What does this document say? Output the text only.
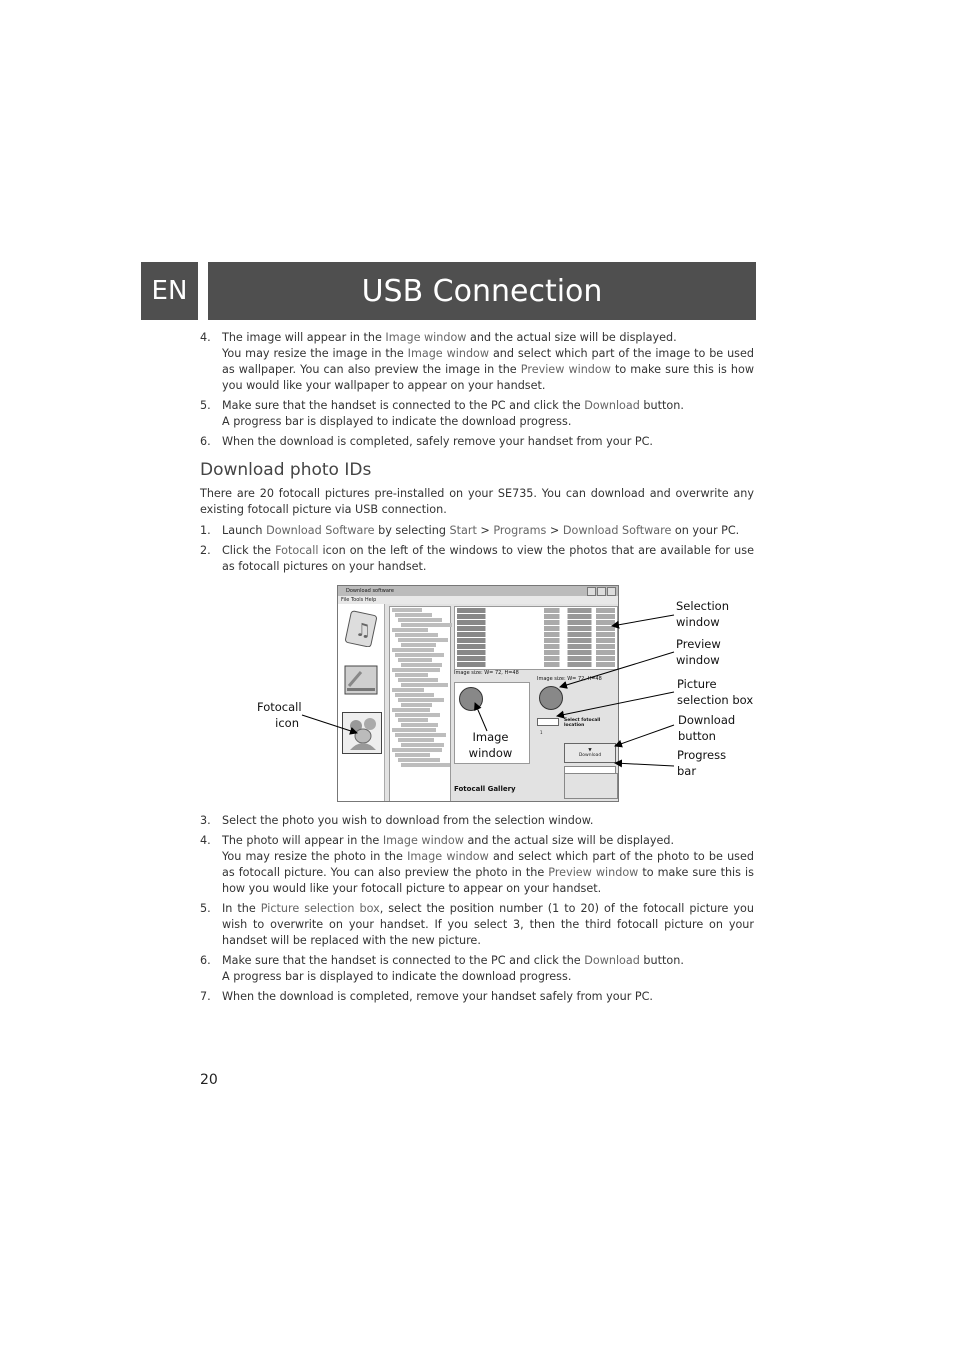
EN	USB Connection
4. The image will appear in the Image window and the actual size will be displayed.
You may resize the image in the Image window and select which part of the image to be used as wallpaper. You can also preview the image in the Preview window to make sure this is how you would like your wallpaper to appear on your handset.
5. Make sure that the handset is connected to the PC and click the Download button.
A progress bar is displayed to indicate the download progress.
6. When the download is completed, safely remove your handset from your PC.
Download photo IDs
There are 20 fotocall pictures pre-installed on your SE735. You can download and overwrite any existing fotocall picture via USB connection.
1. Launch Download Software by selecting Start > Programs > Download Software on your PC.
2. Click the Fotocall icon on the left of the windows to view the photos that are available for use as fotocall pictures on your handset.
Download software
File Tools Help
♫
Image size: W= 72, H=48
Image size: W= 72, H=48
1
Select fotocall location
▼
Download
Fotocall Gallery
Selection
window
Preview
window
Picture
selection box
Download
button
Progress
bar
Fotocall
icon
Image
window
3. Select the photo you wish to download from the selection window.
4. The photo will appear in the Image window and the actual size will be displayed.
You may resize the photo in the Image window and select which part of the photo to be used as fotocall picture. You can also preview the photo in the Preview window to make sure this is how you would like your fotocall picture to appear on your handset.
5. In the Picture selection box, select the position number (1 to 20) of the fotocall picture you wish to overwrite on your handset. If you select 3, then the third fotocall picture on your handset will be replaced with the new picture.
6. Make sure that the handset is connected to the PC and click the Download button.
A progress bar is displayed to indicate the download progress.
7. When the download is completed, remove your handset safely from your PC.
20
